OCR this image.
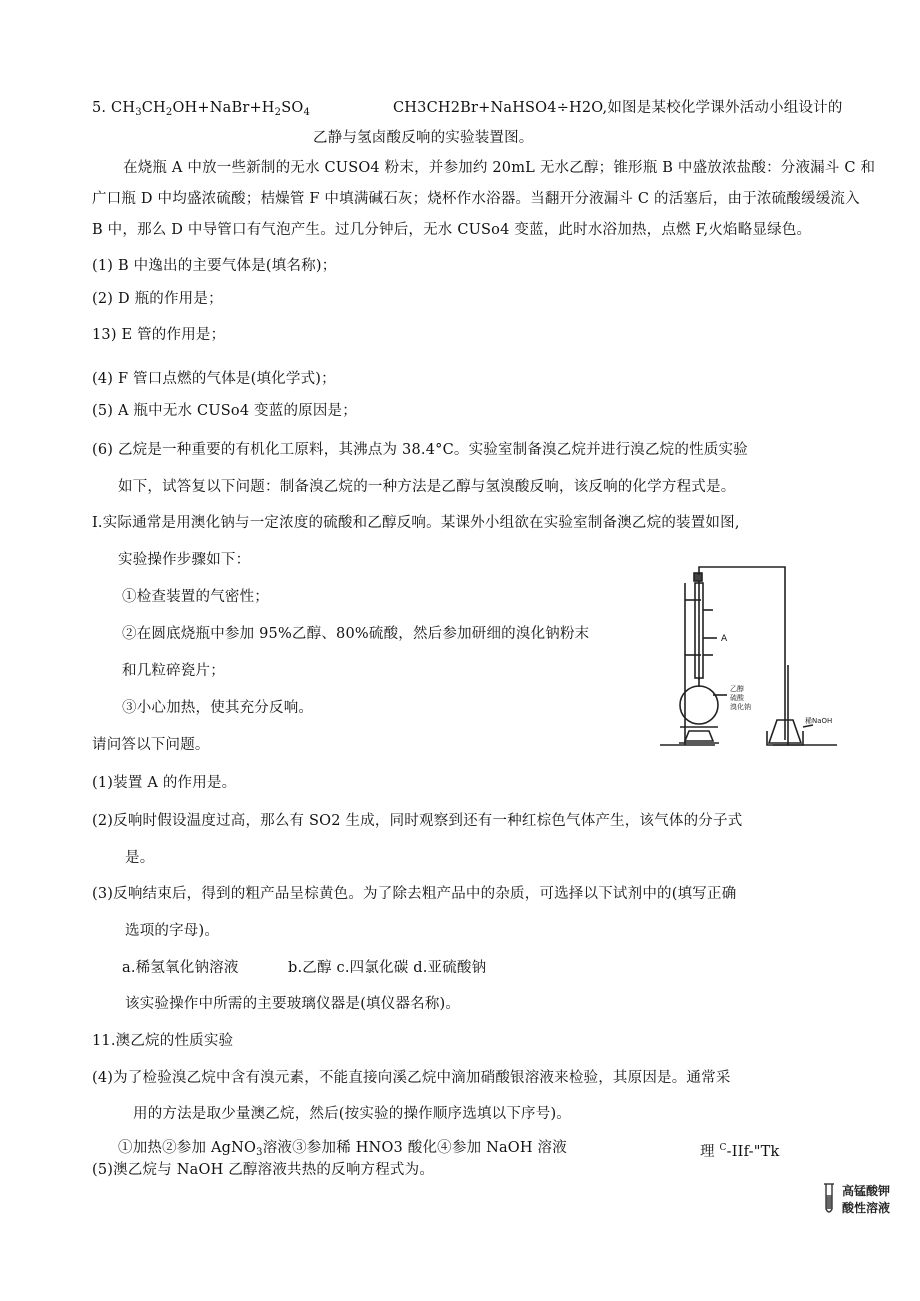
5. $CH_3CH_2OH+NaBr+H_2SO_4$	CH3CH2Br+NaHSO4÷H2O,如图是某校化学课外活动小组设计的
乙静与氢卤酸反响的实验装置图。
在烧瓶 A 中放一些新制的无水 CUSO4 粉末，并参加约 20mL 无水乙醇；锥形瓶 B 中盛放浓盐酸：分液漏斗 C 和
广口瓶 D 中均盛浓硫酸；桔燥管 F 中填满碱石灰；烧杯作水浴器。当翻开分液漏斗 C 的活塞后，由于浓硫酸缓缓流入
B 中，那么 D 中导管口有气泡产生。过几分钟后，无水 CUSo4 变蓝，此时水浴加热，点燃 F,火焰略显绿色。
(1) B 中逸出的主要气体是(填名称)；
(2) D 瓶的作用是；
13) E 管的作用是；
(4) F 管口点燃的气体是(填化学式)；
(5) A 瓶中无水 CUSo4 变蓝的原因是；
(6) 乙烷是一种重要的有机化工原料，其沸点为 38.4°C。实验室制备溴乙烷并进行溴乙烷的性质实验
如下，试答复以下问题：制备溴乙烷的一种方法是乙醇与氢溴酸反响，该反响的化学方程式是。
I.实际通常是用澳化钠与一定浓度的硫酸和乙醇反响。某课外小组欲在实验室制备澳乙烷的装置如图,
实验操作步骤如下：
①检查装置的气密性；
②在圆底烧瓶中参加 95%乙醇、80%硫酸，然后参加研细的溴化钠粉末
和几粒碎瓷片；
③小心加热，使其充分反响。
请问答以下问题。
A
乙醇
硫酸
溴化钠
稀NaOH
(1)装置 A 的作用是。
(2)反响时假设温度过高，那么有 SO2 生成，同时观察到还有一种红棕色气体产生，该气体的分子式
是。
(3)反响结束后，得到的粗产品呈棕黄色。为了除去粗产品中的杂质，可选择以下试剂中的(填写正确
选项的字母)。
a.稀氢氧化钠溶液	b.乙醇 c.四氯化碳 d.亚硫酸钠
该实验操作中所需的主要玻璃仪器是(填仪器名称)。
11.澳乙烷的性质实验
(4)为了检验溴乙烷中含有溴元素，不能直接向溪乙烷中滴加硝酸银溶液来检验，其原因是。通常采
用的方法是取少量澳乙烷，然后(按实验的操作顺序选填以下序号)。
①加热②参加 AgNO$_3$溶液③参加稀 HNO3 酸化④参加 NaOH 溶液	理 $^C$-IIf-"Tk
(5)澳乙烷与 NaOH 乙醇溶液共热的反响方程式为。
高锰酸钾
酸性溶液
